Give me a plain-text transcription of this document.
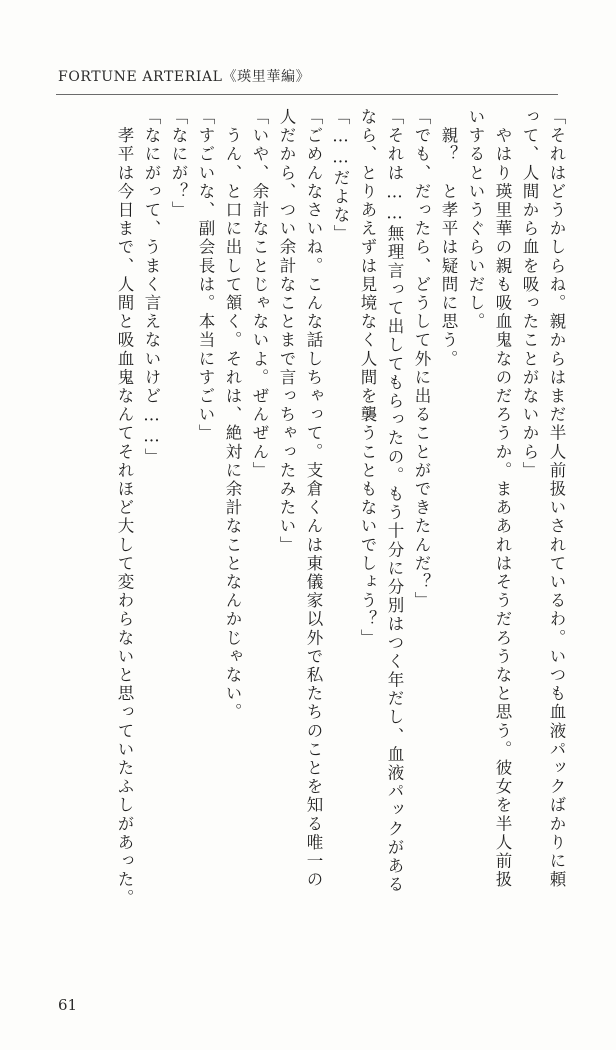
FORTUNE ARTERIAL《瑛里華編》
「それはどうかしらね。親からはまだ半人前扱いされているわ。いつも血液パックばかりに頼
って、人間から血を吸ったことがないから」
　やはり瑛里華の親も吸血鬼なのだろうか。まああれはそうだろうなと思う。彼女を半人前扱
いするというぐらいだし。
　親？　と孝平は疑問に思う。
「でも、だったら、どうして外に出ることができたんだ？」
「それは……無理言って出してもらったの。もう十分に分別はつく年だし、血液パックがある
なら、とりあえずは見境なく人間を襲うこともないでしょう？」
「……だよな」
「ごめんなさいね。こんな話しちゃって。支倉くんは東儀家以外で私たちのことを知る唯一の
人だから、つい余計なことまで言っちゃったみたい」
「いや、余計なことじゃないよ。ぜんぜん」
　うん、と口に出して頷く。それは、絶対に余計なことなんかじゃない。
「すごいな、副会長は。本当にすごい」
「なにが？」
「なにがって、うまく言えないけど……」
　孝平は今日まで、人間と吸血鬼なんてそれほど大して変わらないと思っていたふしがあった。
61
